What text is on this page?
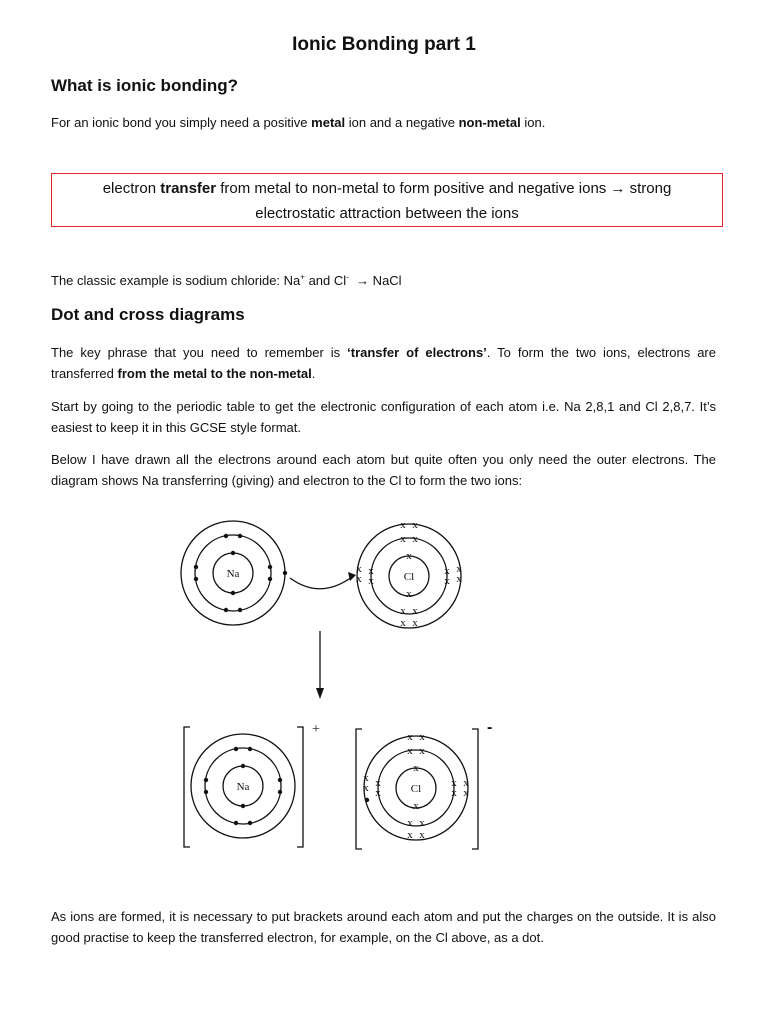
Ionic Bonding part 1
What is ionic bonding?
For an ionic bond you simply need a positive metal ion and a negative non-metal ion.
electron transfer from metal to non-metal to form positive and negative ions → strong
electrostatic attraction between the ions
The classic example is sodium chloride: Na+ and Cl- → NaCl
Dot and cross diagrams
The key phrase that you need to remember is ‘transfer of electrons’. To form the two ions, electrons are transferred from the metal to the non-metal.
Start by going to the periodic table to get the electronic configuration of each atom i.e. Na 2,8,1 and Cl 2,8,7. It’s easiest to keep it in this GCSE style format.
Below I have drawn all the electrons around each atom but quite often you only need the outer electrons. The diagram shows Na transferring (giving) and electron to the Cl to form the two ions:
x
x
x x
x x
x
x
x
x
x x
x x
x
x
x
x
x
x
x x
x x
x
x
x
x
x x
x x
x
x	x
x
Na	Cl
Na	Cl
+	-
As ions are formed, it is necessary to put brackets around each atom and put the charges on the outside. It is also good practise to keep the transferred electron, for example, on the Cl above, as a dot.
